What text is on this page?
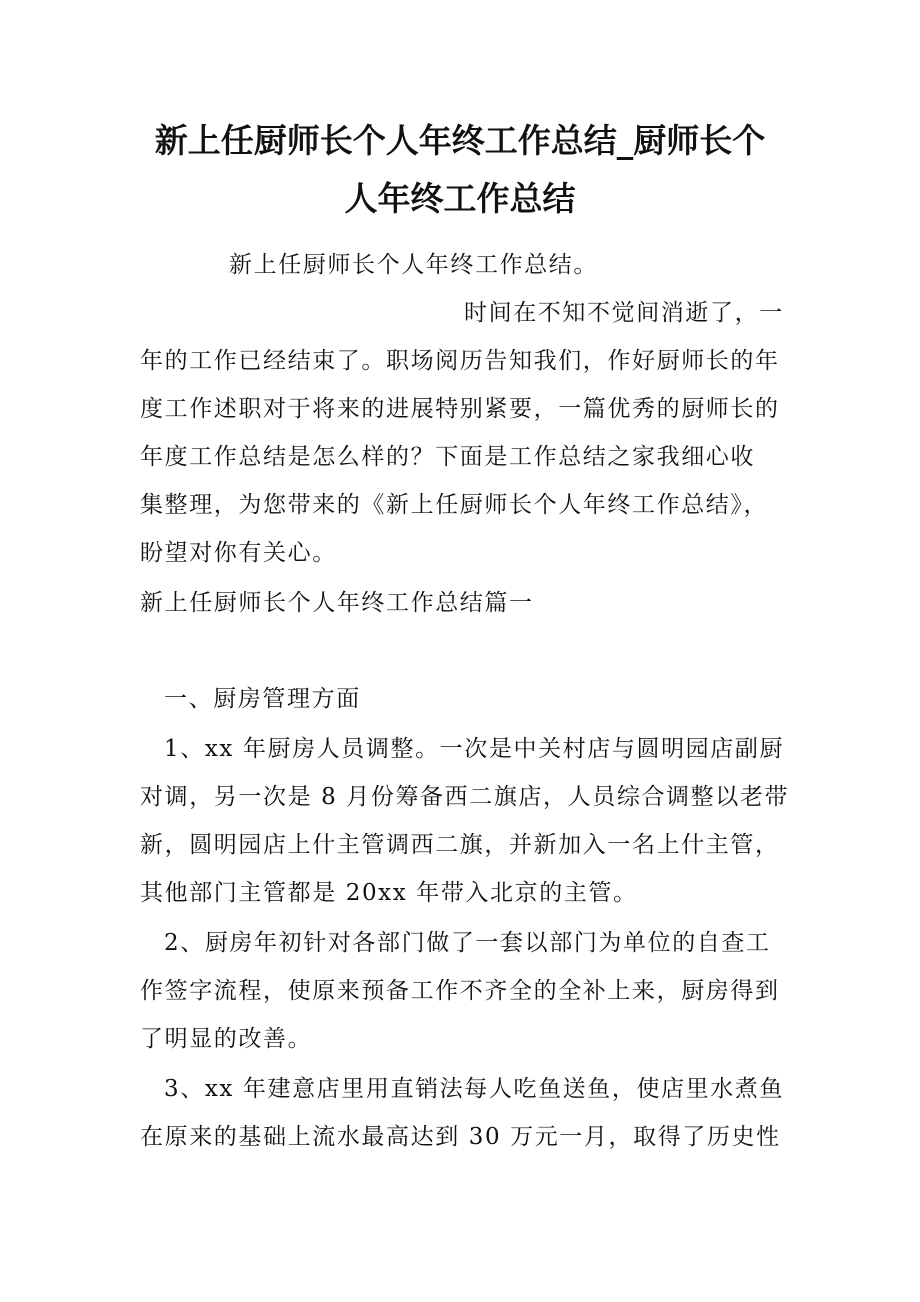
新上任厨师长个人年终工作总结_厨师长个
人年终工作总结
新上任厨师长个人年终工作总结。
时间在不知不觉间消逝了，一
年的工作已经结束了。职场阅历告知我们，作好厨师长的年
度工作述职对于将来的进展特别紧要，一篇优秀的厨师长的
年度工作总结是怎么样的？下面是工作总结之家我细心收
集整理，为您带来的《新上任厨师长个人年终工作总结》，
盼望对你有关心。
新上任厨师长个人年终工作总结篇一
一、厨房管理方面
1、xx 年厨房人员调整。一次是中关村店与圆明园店副厨
对调，另一次是 8 月份筹备西二旗店，人员综合调整以老带
新，圆明园店上什主管调西二旗，并新加入一名上什主管，
其他部门主管都是 20xx 年带入北京的主管。
2、厨房年初针对各部门做了一套以部门为单位的自查工
作签字流程，使原来预备工作不齐全的全补上来，厨房得到
了明显的改善。
3、xx 年建意店里用直销法每人吃鱼送鱼，使店里水煮鱼
在原来的基础上流水最高达到 30 万元一月，取得了历史性
